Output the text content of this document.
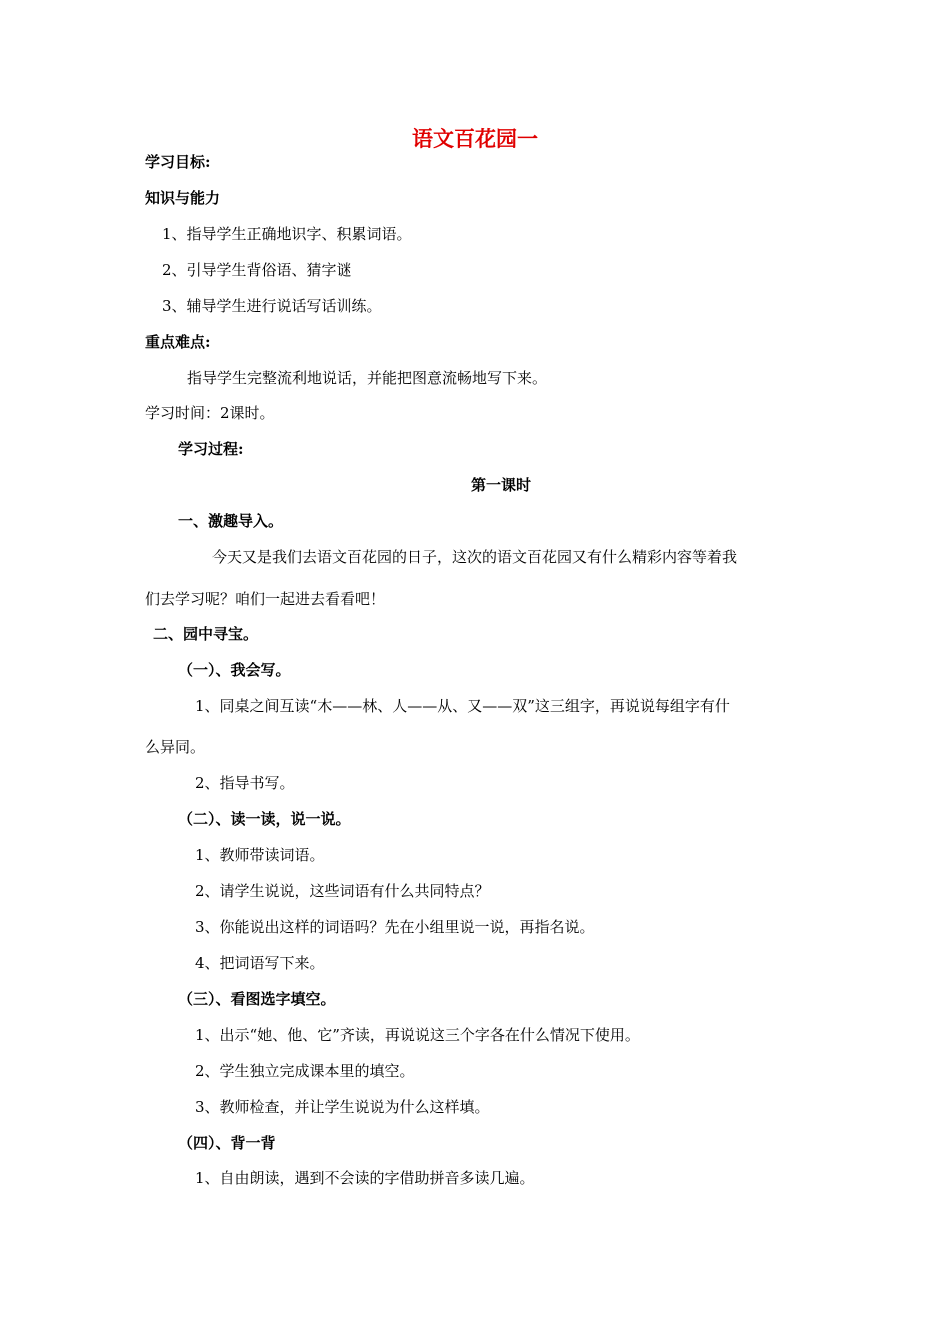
语文百花园一
学习目标:
知识与能力
1、指导学生正确地识字、积累词语。
2、引导学生背俗语、猜字谜
3、辅导学生进行说话写话训练。
重点难点:
指导学生完整流利地说话，并能把图意流畅地写下来。
学习时间：2课时。
学习过程:
第一课时
一、激趣导入。
今天又是我们去语文百花园的日子，这次的语文百花园又有什么精彩内容等着我
们去学习呢？咱们一起进去看看吧！
二、园中寻宝。
（一）、我会写。
1、同桌之间互读“木——林、人——从、又——双”这三组字，再说说每组字有什
么异同。
2、指导书写。
（二）、读一读，说一说。
1、教师带读词语。
2、请学生说说，这些词语有什么共同特点？
3、你能说出这样的词语吗？先在小组里说一说，再指名说。
4、把词语写下来。
（三）、看图选字填空。
1、出示“她、他、它”齐读，再说说这三个字各在什么情况下使用。
2、学生独立完成课本里的填空。
3、教师检查，并让学生说说为什么这样填。
（四）、背一背
1、自由朗读，遇到不会读的字借助拼音多读几遍。
